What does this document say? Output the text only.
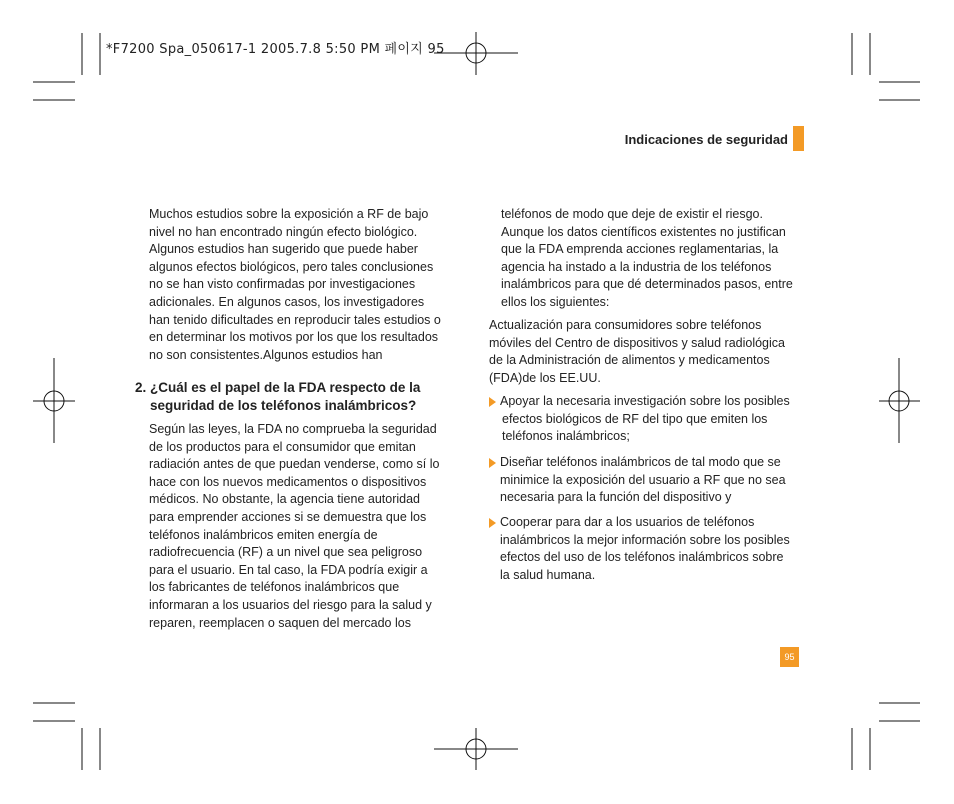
*F7200 Spa_050617-1 2005.7.8 5:50 PM 페이지 95
Indicaciones de seguridad
Muchos estudios sobre la exposición a RF de bajo
nivel no han encontrado ningún efecto biológico.
Algunos estudios han sugerido que puede haber
algunos efectos biológicos, pero tales conclusiones
no se han visto confirmadas por investigaciones
adicionales. En algunos casos, los investigadores
han tenido dificultades en reproducir tales estudios o
en determinar los motivos por los que los resultados
no son consistentes.Algunos estudios han
2. ¿Cuál es el papel de la FDA respecto de la
seguridad de los teléfonos inalámbricos?
Según las leyes, la FDA no comprueba la seguridad
de los productos para el consumidor que emitan
radiación antes de que puedan venderse, como sí lo
hace con los nuevos medicamentos o dispositivos
médicos. No obstante, la agencia tiene autoridad
para emprender acciones si se demuestra que los
teléfonos inalámbricos emiten energía de
radiofrecuencia (RF) a un nivel que sea peligroso
para el usuario. En tal caso, la FDA podría exigir a
los fabricantes de teléfonos inalámbricos que
informaran a los usuarios del riesgo para la salud y
reparen, reemplacen o saquen del mercado los
teléfonos de modo que deje de existir el riesgo.
Aunque los datos científicos existentes no justifican
que la FDA emprenda acciones reglamentarias, la
agencia ha instado a la industria de los teléfonos
inalámbricos para que dé determinados pasos, entre
ellos los siguientes:
Actualización para consumidores sobre teléfonos
móviles del Centro de dispositivos y salud radiológica
de la Administración de alimentos y medicamentos
(FDA)de los EE.UU.
Apoyar la necesaria investigación sobre los posibles
efectos biológicos de RF del tipo que emiten los
teléfonos inalámbricos;
Diseñar teléfonos inalámbricos de tal modo que se
minimice la exposición del usuario a RF que no sea
necesaria para la función del dispositivo y
Cooperar para dar a los usuarios de teléfonos
inalámbricos la mejor información sobre los posibles
efectos del uso de los teléfonos inalámbricos sobre
la salud humana.
95
